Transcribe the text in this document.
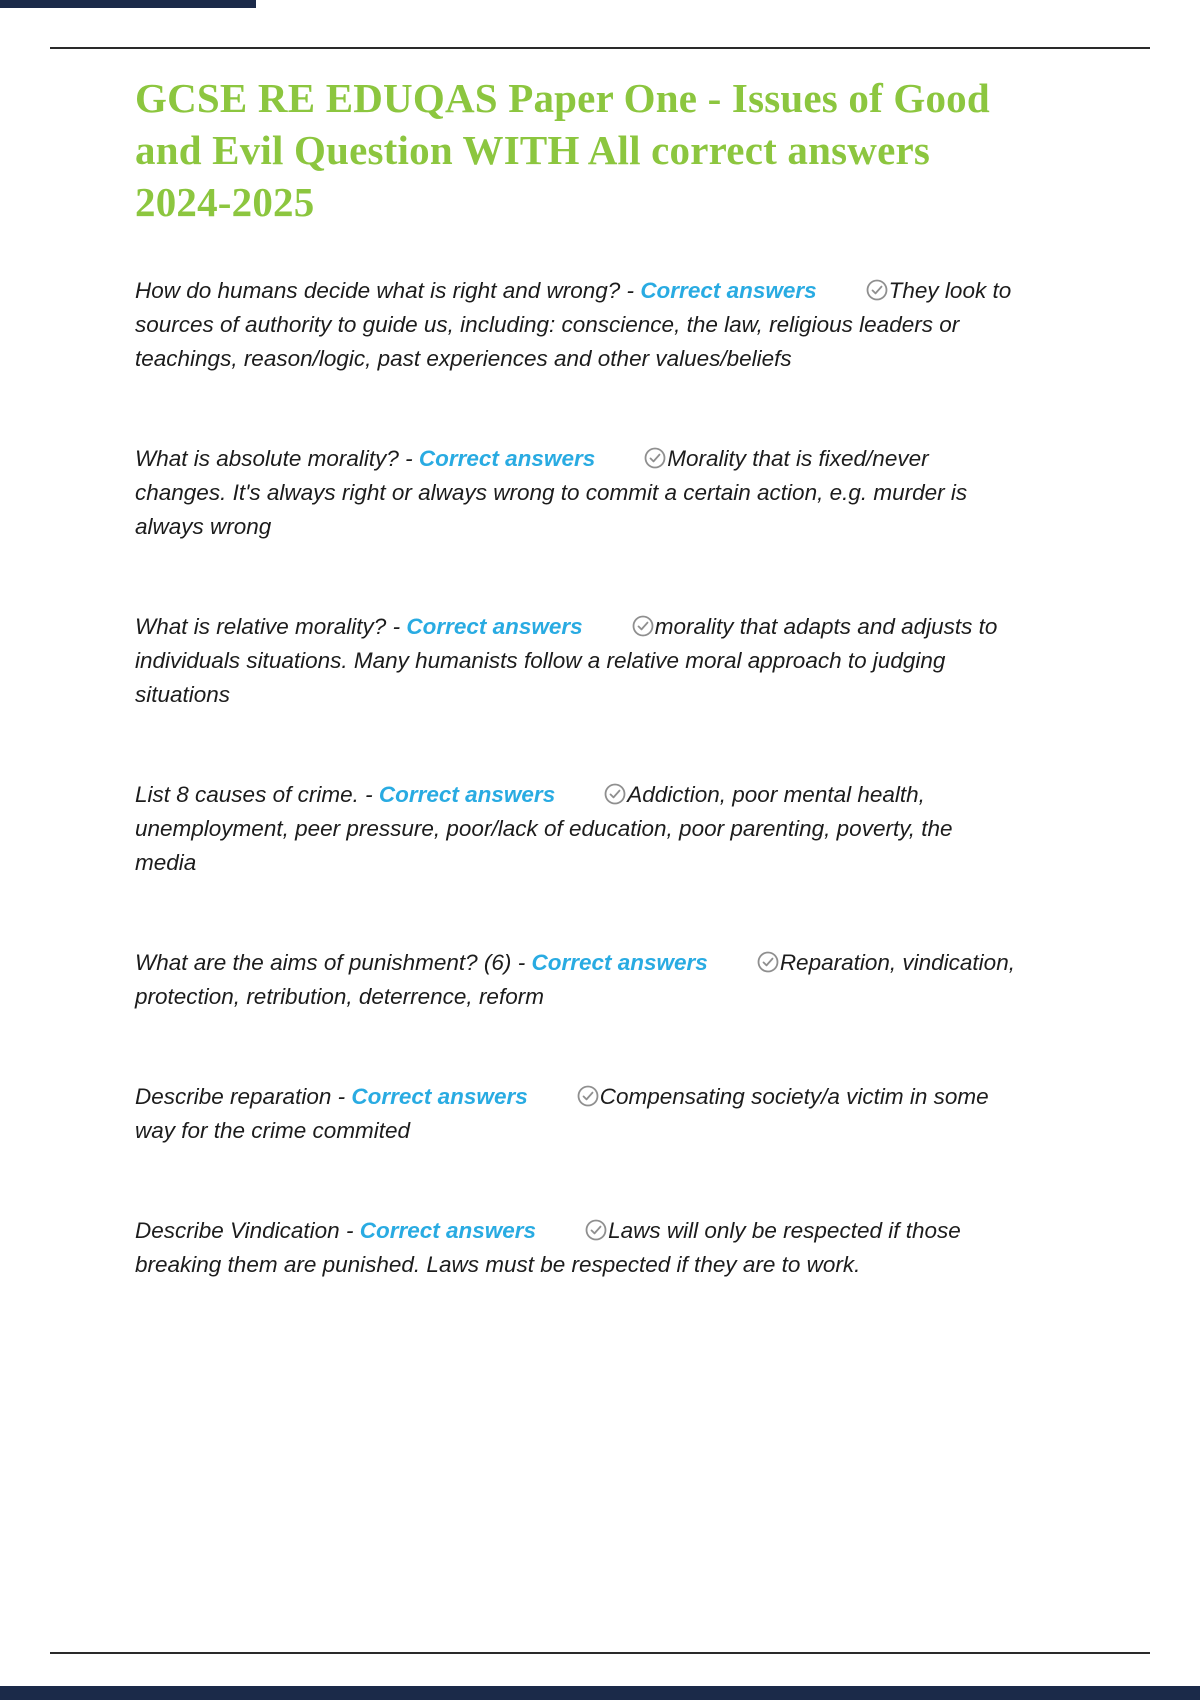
GCSE RE EDUQAS Paper One - Issues of Good and Evil Question WITH All correct answers 2024-2025

How do humans decide what is right and wrong? - Correct answers	They look to sources of authority to guide us, including: conscience, the law, religious leaders or teachings, reason/logic, past experiences and other values/beliefs

What is absolute morality? - Correct answers	Morality that is fixed/never changes. It's always right or always wrong to commit a certain action, e.g. murder is always wrong

What is relative morality? - Correct answers	morality that adapts and adjusts to individuals situations. Many humanists follow a relative moral approach to judging situations

List 8 causes of crime. - Correct answers	Addiction, poor mental health, unemployment, peer pressure, poor/lack of education, poor parenting, poverty, the media

What are the aims of punishment? (6) - Correct answers	Reparation, vindication, protection, retribution, deterrence, reform

Describe reparation - Correct answers	Compensating society/a victim in some way for the crime commited

Describe Vindication - Correct answers	Laws will only be respected if those breaking them are punished. Laws must be respected if they are to work.
